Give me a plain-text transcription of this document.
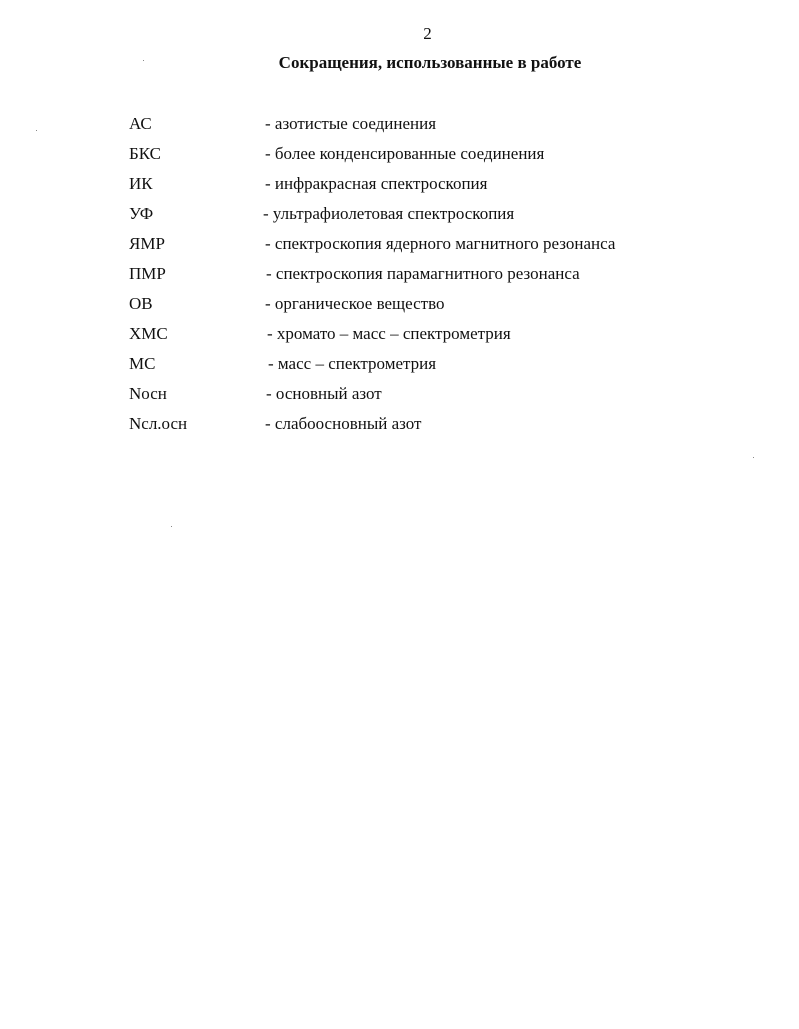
2
Сокращения, использованные в работе
АС	- азотистые соединения
БКС	- более конденсированные соединения
ИК	- инфракрасная спектроскопия
УФ	- ультрафиолетовая спектроскопия
ЯМР	- спектроскопия ядерного магнитного резонанса
ПМР	- спектроскопия парамагнитного резонанса
ОВ	- органическое вещество
ХМС	- хромато – масс – спектрометрия
МС	- масс – спектрометрия
Nосн	- основный азот
Nсл.осн	- слабоосновный азот
